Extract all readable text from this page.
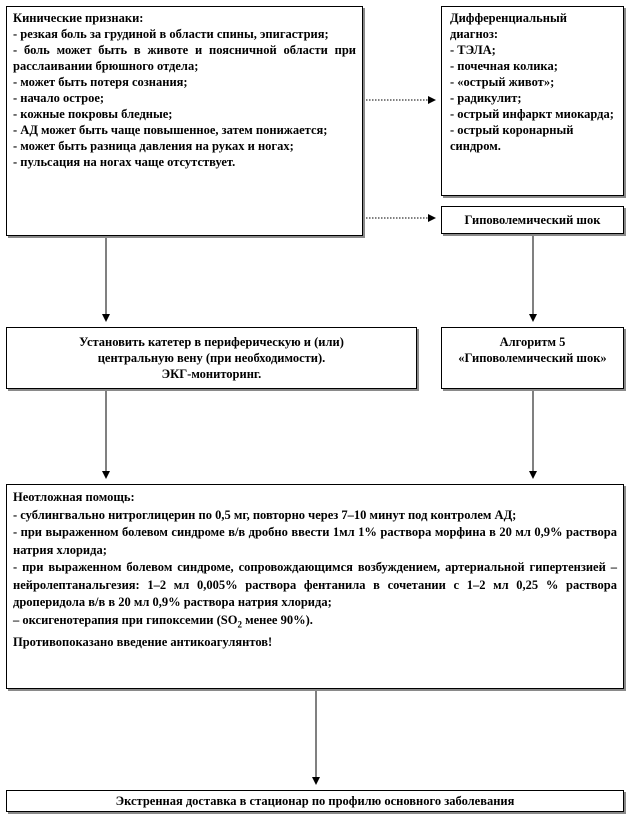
Кинические признаки:
- резкая боль за грудиной в области спины, эпигастрия;
- боль может быть в животе и поясничной области при расслаивании брюшного отдела;
- может быть потеря сознания;
- начало острое;
- кожные покровы бледные;
- АД может быть чаще повышенное, затем понижается;
- может быть разница давления на руках и ногах;
- пульсация на ногах чаще отсутствует.
Дифференциальный диагноз:
- ТЭЛА;
- почечная колика;
- «острый живот»;
- радикулит;
- острый инфаркт миокарда;
- острый коронарный синдром.
Гиповолемический шок
Установить катетер в периферическую и (или)
центральную вену (при необходимости).
ЭКГ-мониторинг.
Алгоритм 5
«Гиповолемический шок»
Неотложная помощь:
- сублингвально нитроглицерин по 0,5 мг, повторно через 7–10 минут под контролем АД;
- при выраженном болевом синдроме в/в дробно ввести 1мл 1% раствора морфина в 20 мл 0,9% раствора натрия хлорида;
- при выраженном болевом синдроме, сопровождающимся возбуждением, артериальной гипертензией – нейролептанальгезия: 1–2 мл 0,005% раствора фентанила в сочетании с 1–2 мл 0,25 % раствора дроперидола в/в в 20 мл 0,9% раствора натрия хлорида;
– оксигенотерапия при гипоксемии ($SO_2$ менее 90%).
Противопоказано введение антикоагулянтов!
Экстренная доставка в стационар по профилю основного заболевания
